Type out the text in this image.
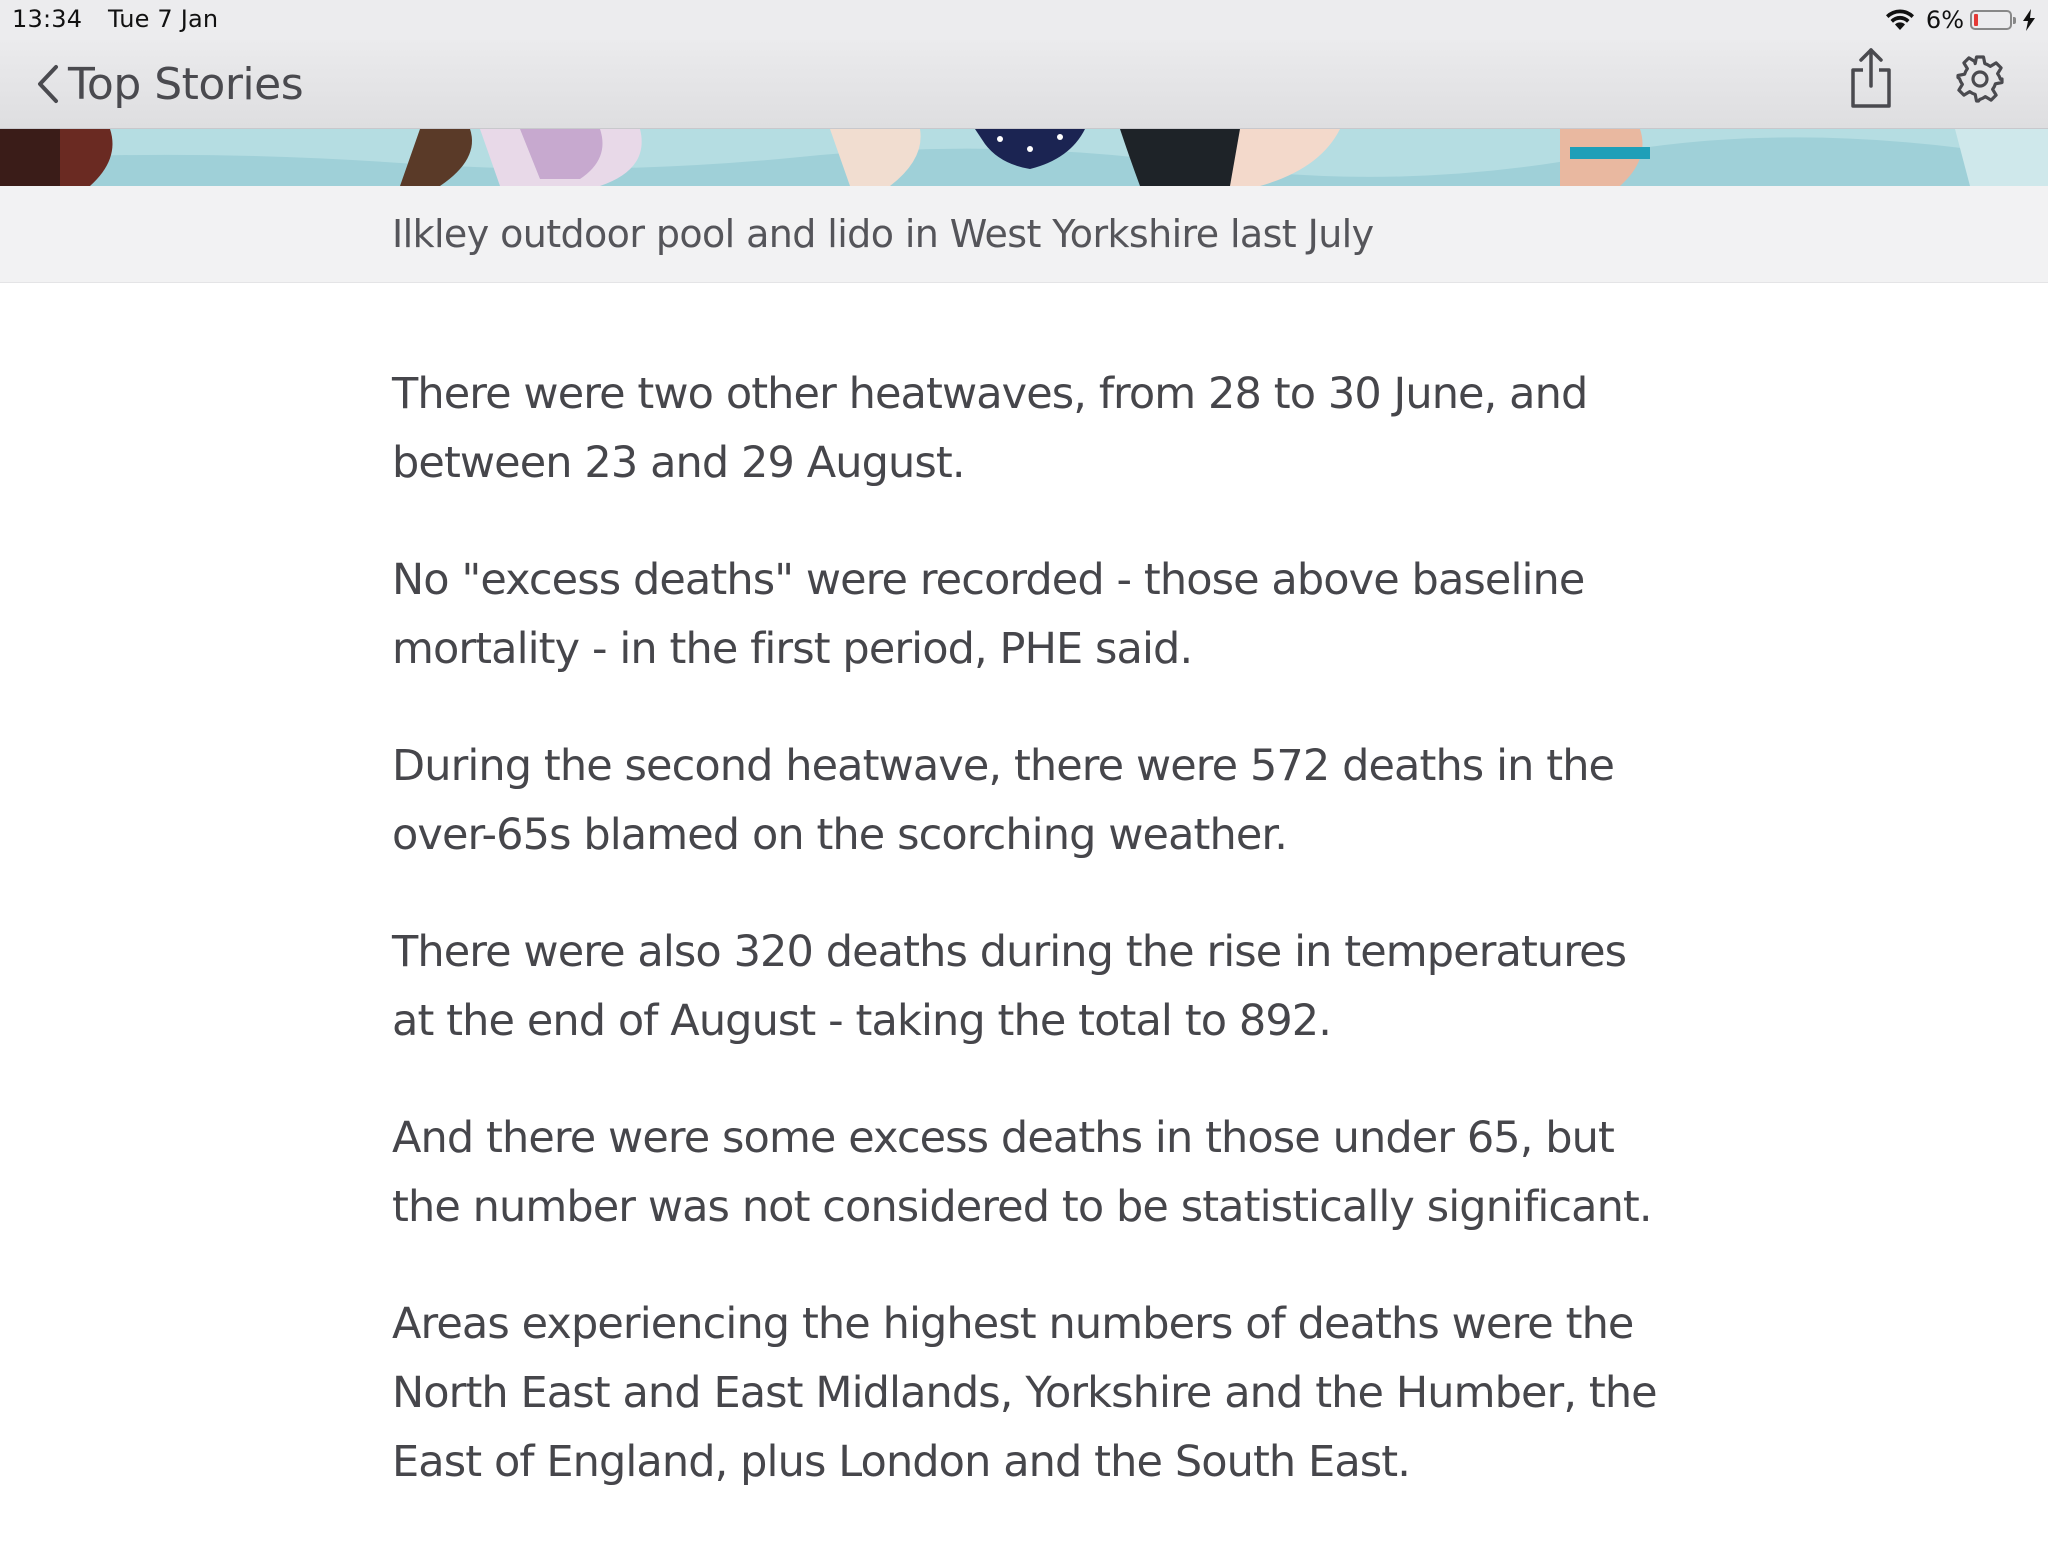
13:34 Tue 7 Jan	6%
Top Stories
Ilkley outdoor pool and lido in West Yorkshire last July

There were two other heatwaves, from 28 to 30 June, and between 23 and 29 August.

No "excess deaths" were recorded - those above baseline mortality - in the first period, PHE said.

During the second heatwave, there were 572 deaths in the over-65s blamed on the scorching weather.

There were also 320 deaths during the rise in temperatures at the end of August - taking the total to 892.

And there were some excess deaths in those under 65, but the number was not considered to be statistically significant.

Areas experiencing the highest numbers of deaths were the North East and East Midlands, Yorkshire and the Humber, the East of England, plus London and the South East.
